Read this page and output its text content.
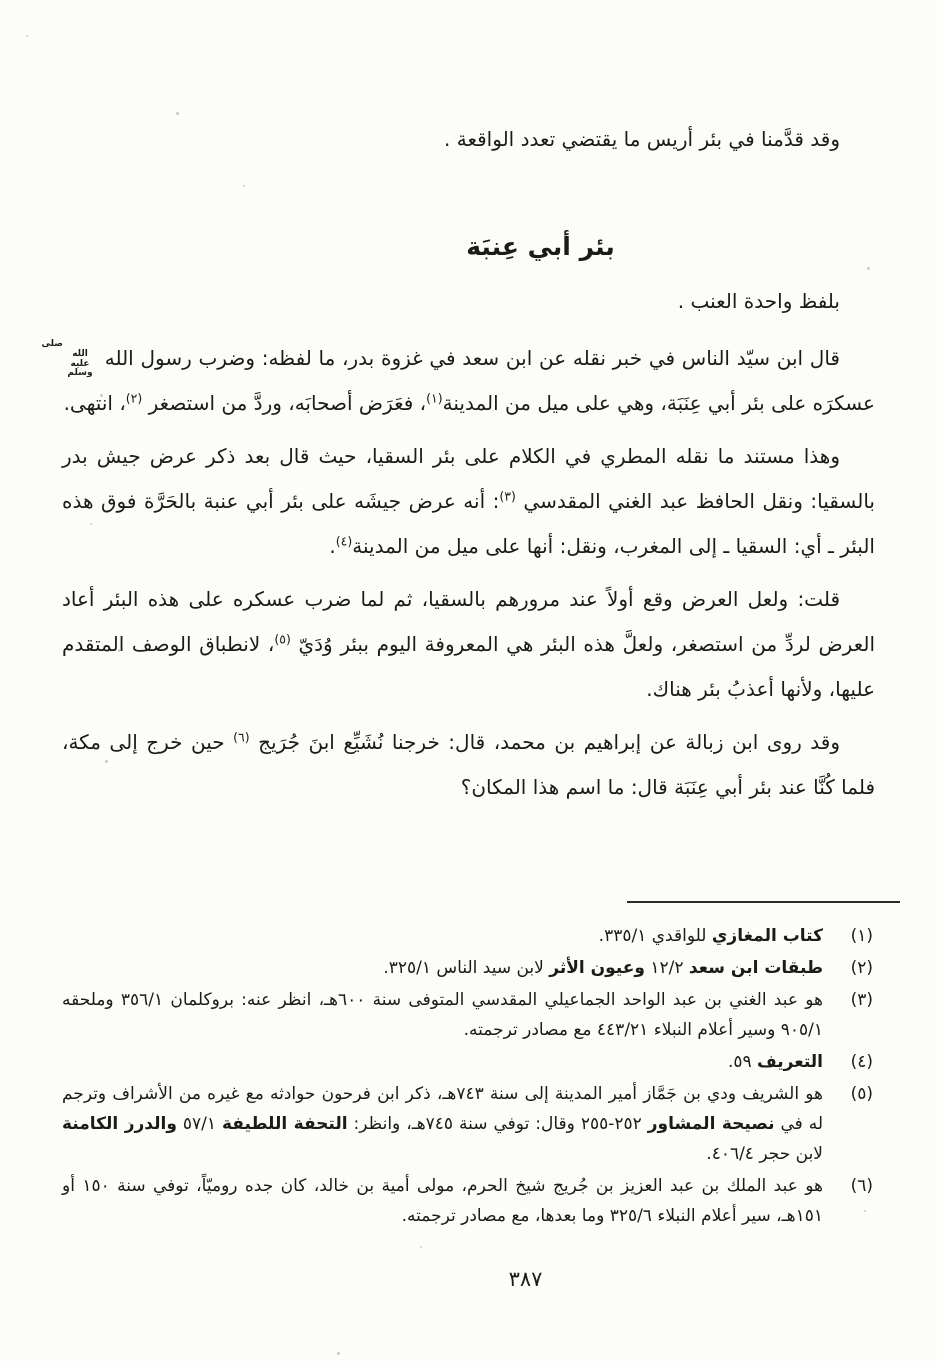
وقد قدَّمنا في بئر أريس ما يقتضي تعدد الواقعة .

بئر أبي عِنبَة

بلفظ واحدة العنب .

قال ابن سيّد الناس في خبر نقله عن ابن سعد في غزوة بدر، ما لفظه: وضرب رسول الله صلى الله عليه وسلم عسكرَه على بئر أبي عِنَبَة، وهي على ميل من المدينة$^{(١)}$، فعَرَض أصحابَه، وردَّ من استصغر $^{(٢)}$، انتهى.

وهذا مستند ما نقله المطري في الكلام على بئر السقيا، حيث قال بعد ذكر عرض جيش بدر بالسقيا: ونقل الحافظ عبد الغني المقدسي $^{(٣)}$: أنه عرض جيشَه على بئر أبي عنبة بالحَرَّة فوق هذه البئر ـ أي: السقيا ـ إلى المغرب، ونقل: أنها على ميل من المدينة$^{(٤)}$.

قلت: ولعل العرض وقع أولاً عند مرورهم بالسقيا، ثم لما ضرب عسكره على هذه البئر أعاد العرض لردِّ من استصغر، ولعلَّ هذه البئر هي المعروفة اليوم ببئر وُدَيّ $^{(٥)}$، لانطباق الوصف المتقدم عليها، ولأنها أعذبُ بئر هناك.

وقد روى ابن زبالة عن إبراهيم بن محمد، قال: خرجنا نُشَيِّع ابنَ جُرَيج $^{(٦)}$ حين خرج إلى مكة، فلما كُنَّا عند بئر أبي عِنَبَة قال: ما اسم هذا المكان؟

(١)
كتاب المغازي للواقدي ٣٣٥/١.
(٢)
طبقات ابن سعد ١٢/٢ وعيون الأثر لابن سيد الناس ٣٢٥/١.
(٣)
هو عبد الغني بن عبد الواحد الجماعيلي المقدسي المتوفى سنة ٦٠٠هـ، انظر عنه: بروكلمان ٣٥٦/١ وملحقه ٩٠٥/١ وسير أعلام النبلاء ٤٤٣/٢١ مع مصادر ترجمته.
(٤)
التعريف ٥٩.
(٥)
هو الشريف ودي بن جَمَّاز أمير المدينة إلى سنة ٧٤٣هـ، ذكر ابن فرحون حوادثه مع غيره من الأشراف وترجم له في نصيحة المشاور ٢٥٢-٢٥٥ وقال: توفي سنة ٧٤٥هـ، وانظر: التحفة اللطيفة ٥٧/١ والدرر الكامنة لابن حجر ٤٠٦/٤.
(٦)
هو عبد الملك بن عبد العزيز بن جُريج شيخ الحرم، مولى أمية بن خالد، كان جده روميّاً، توفي سنة ١٥٠ أو ١٥١هـ، سير أعلام النبلاء ٣٢٥/٦ وما بعدها، مع مصادر ترجمته.
٣٨٧
